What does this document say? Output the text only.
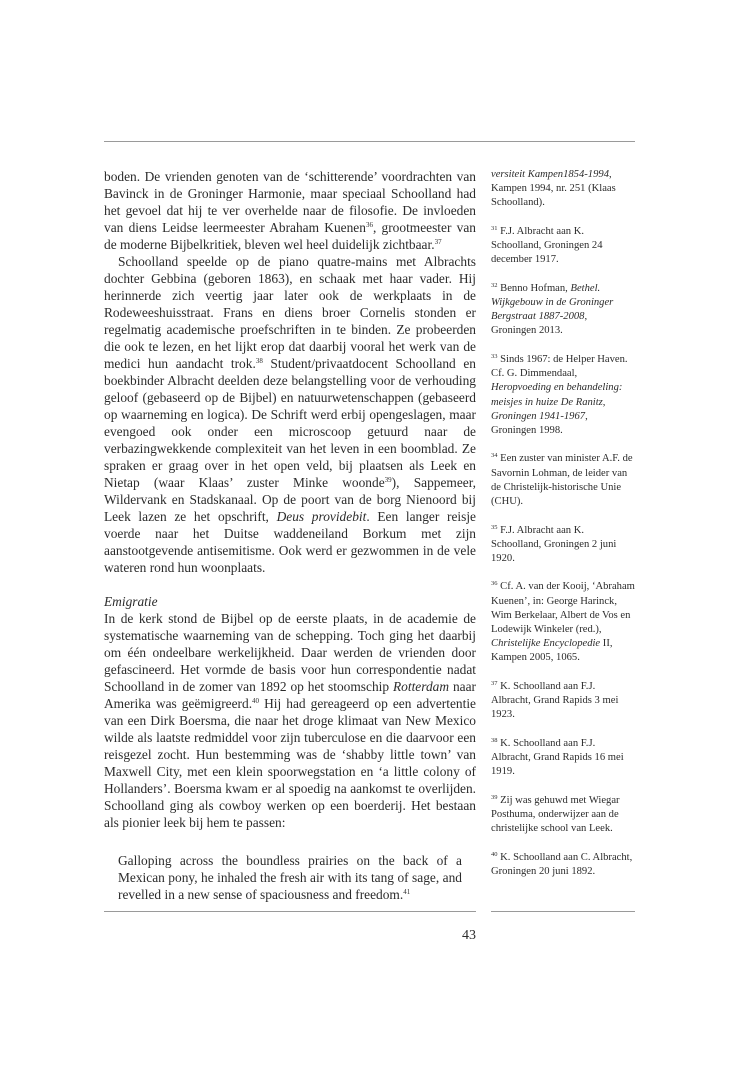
boden. De vrienden genoten van de ‘schitterende’ voordrachten van Bavinck in de Groninger Harmonie, maar speciaal Schoolland had het gevoel dat hij te ver overhelde naar de filosofie. De invloeden van diens Leidse leermeester Abraham Kuenen$^{36}$, grootmeester van de moderne Bijbelkritiek, bleven wel heel duidelijk zichtbaar.$^{37}$

Schoolland speelde op de piano quatre-mains met Albrachts dochter Gebbina (geboren 1863), en schaak met haar vader. Hij herinnerde zich veertig jaar later ook de werkplaats in de Rodeweeshuisstraat. Frans en diens broer Cornelis stonden er regelmatig academische proefschriften in te binden. Ze probeerden die ook te lezen, en het lijkt erop dat daarbij vooral het werk van de medici hun aandacht trok.$^{38}$ Student/privaatdocent Schoolland en boekbinder Albracht deelden deze belangstelling voor de verhouding geloof (gebaseerd op de Bijbel) en natuurwetenschappen (gebaseerd op waarneming en logica). De Schrift werd erbij opengeslagen, maar evengoed ook onder een microscoop getuurd naar de verbazingwekkende complexiteit van het leven in een boomblad. Ze spraken er graag over in het open veld, bij plaatsen als Leek en Nietap (waar Klaas’ zuster Minke woonde$^{39}$), Sappemeer, Wildervank en Stadskanaal. Op de poort van de borg Nienoord bij Leek lazen ze het opschrift, Deus providebit. Een langer reisje voerde naar het Duitse waddeneiland Borkum met zijn aanstootgevende antisemitisme. Ook werd er gezwommen in de vele wateren rond hun woonplaats.

Emigratie

In de kerk stond de Bijbel op de eerste plaats, in de academie de systematische waarneming van de schepping. Toch ging het daarbij om één ondeelbare werkelijkheid. Daar werden de vrienden door gefascineerd. Het vormde de basis voor hun correspondentie nadat Schoolland in de zomer van 1892 op het stoomschip Rotterdam naar Amerika was geëmigreerd.$^{40}$ Hij had gereageerd op een advertentie van een Dirk Boersma, die naar het droge klimaat van New Mexico wilde als laatste redmiddel voor zijn tuberculose en die daarvoor een reisgezel zocht. Hun bestemming was de ‘shabby little town’ van Maxwell City, met een klein spoorwegstation en ‘a little colony of Hollanders’. Boersma kwam er al spoedig na aankomst te overlijden. Schoolland ging als cowboy werken op een boerderij. Het bestaan als pionier leek bij hem te passen:

Galloping across the boundless prairies on the back of a Mexican pony, he inhaled the fresh air with its tang of sage, and revelled in a new sense of spaciousness and freedom.$^{41}$

versiteit Kampen1854-1994, Kampen 1994, nr. 251 (Klaas Schoolland).
$^{31}$ F.J. Albracht aan K. Schoolland, Groningen 24 december 1917.
$^{32}$ Benno Hofman, Bethel. Wijkgebouw in de Groninger Bergstraat 1887-2008, Groningen 2013.
$^{33}$ Sinds 1967: de Helper Haven. Cf. G. Dimmendaal, Heropvoeding en behandeling: meisjes in huize De Ranitz, Groningen 1941-1967, Groningen 1998.
$^{34}$ Een zuster van minister A.F. de Savornin Lohman, de leider van de Christelijk-historische Unie (CHU).
$^{35}$ F.J. Albracht aan K. Schoolland, Groningen 2 juni 1920.
$^{36}$ Cf. A. van der Kooij, ‘Abraham Kuenen’, in: George Harinck, Wim Berkelaar, Albert de Vos en Lodewijk Winkeler (red.), Christelijke Encyclopedie II, Kampen 2005, 1065.
$^{37}$ K. Schoolland aan F.J. Albracht, Grand Rapids 3 mei 1923.
$^{38}$ K. Schoolland aan F.J. Albracht, Grand Rapids 16 mei 1919.
$^{39}$ Zij was gehuwd met Wiegar Posthuma, onderwijzer aan de christelijke school van Leek.
$^{40}$ K. Schoolland aan C. Albracht, Groningen 20 juni 1892.
43
